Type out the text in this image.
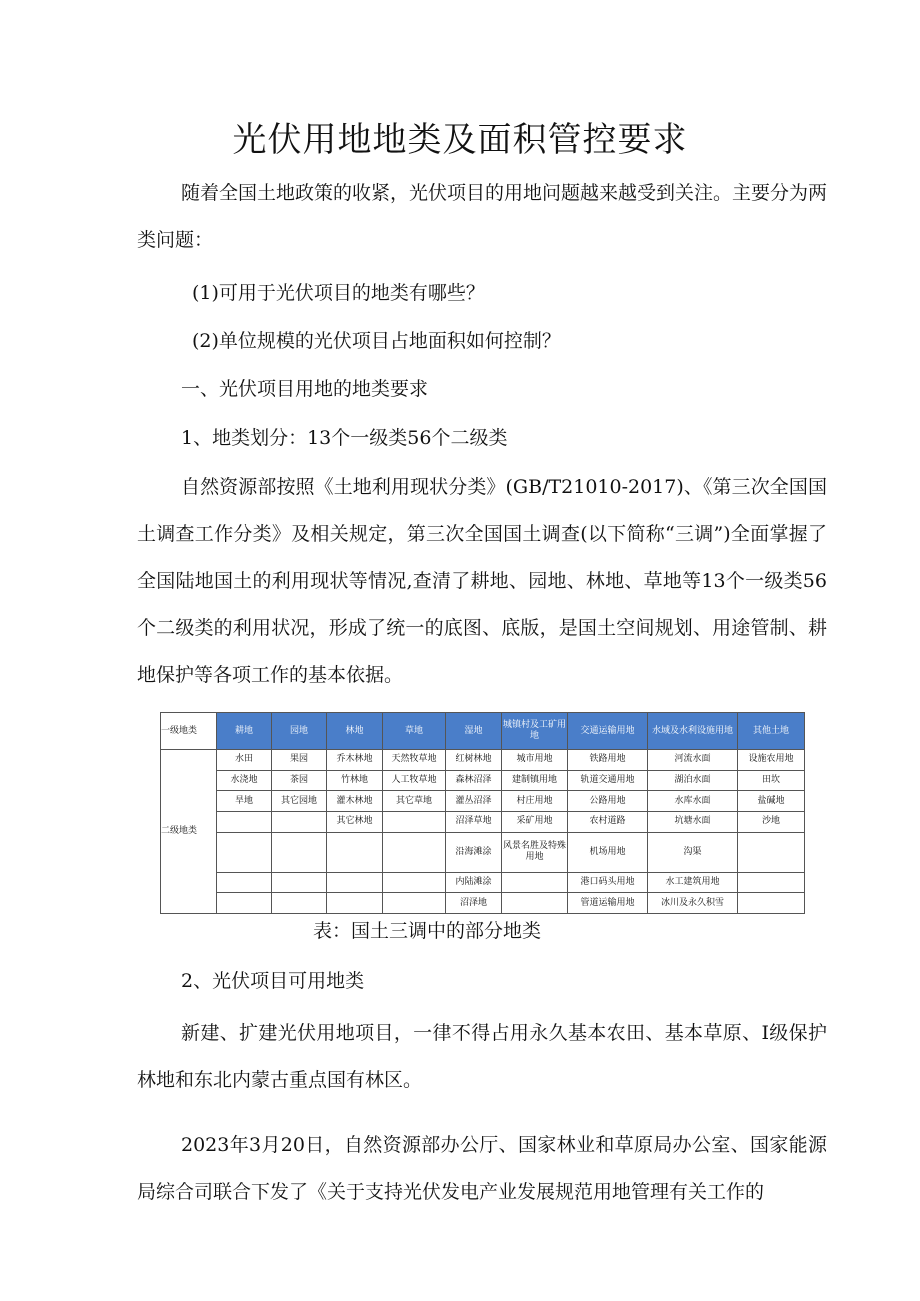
光伏用地地类及面积管控要求

随着全国土地政策的收紧，光伏项目的用地问题越来越受到关注。主要分为两类问题：

(1)可用于光伏项目的地类有哪些？

(2)单位规模的光伏项目占地面积如何控制？

一、光伏项目用地的地类要求

1、地类划分：13个一级类56个二级类

自然资源部按照《土地利用现状分类》(GB/T21010-2017)、《第三次全国国土调查工作分类》及相关规定，第三次全国国土调查(以下简称“三调”)全面掌握了全国陆地国土的利用现状等情况,查清了耕地、园地、林地、草地等13个一级类56个二级类的利用状况，形成了统一的底图、底版，是国土空间规划、用途管制、耕地保护等各项工作的基本依据。

一级地类	耕地	园地	林地	草地	湿地	城镇村及工矿用地	交通运输用地	水域及水利设施用地	其他土地
二级地类	水田	果园	乔木林地	天然牧草地	红树林地	城市用地	铁路用地	河流水面	设施农用地
	水浇地	茶园	竹林地	人工牧草地	森林沼泽	建制镇用地	轨道交通用地	湖泊水面	田坎
	旱地	其它园地	灌木林地	其它草地	灌丛沼泽	村庄用地	公路用地	水库水面	盐碱地
			其它林地		沼泽草地	采矿用地	农村道路	坑塘水面	沙地
					沿海滩涂	风景名胜及特殊用地	机场用地	沟渠	
					内陆滩涂		港口码头用地	水工建筑用地	
					沼泽地		管道运输用地	冰川及永久积雪	

表：国土三调中的部分地类

2、光伏项目可用地类

新建、扩建光伏用地项目，一律不得占用永久基本农田、基本草原、I级保护林地和东北内蒙古重点国有林区。

2023年3月20日，自然资源部办公厅、国家林业和草原局办公室、国家能源局综合司联合下发了《关于支持光伏发电产业发展规范用地管理有关工作的
